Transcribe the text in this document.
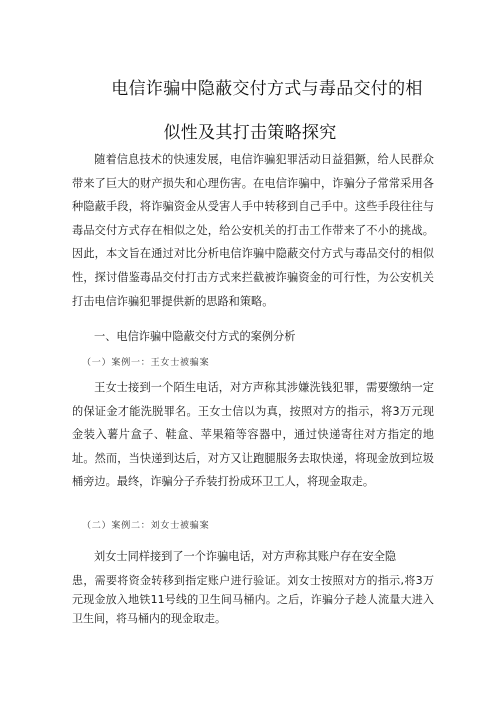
电信诈骗中隐蔽交付方式与毒品交付的相
似性及其打击策略探究
随着信息技术的快速发展，电信诈骗犯罪活动日益猖獗，给人民群众带来了巨大的财产损失和心理伤害。在电信诈骗中，诈骗分子常常采用各种隐蔽手段，将诈骗资金从受害人手中转移到自己手中。这些手段往往与毒品交付方式存在相似之处，给公安机关的打击工作带来了不小的挑战。因此，本文旨在通过对比分析电信诈骗中隐蔽交付方式与毒品交付的相似性，探讨借鉴毒品交付打击方式来拦截被诈骗资金的可行性，为公安机关打击电信诈骗犯罪提供新的思路和策略。
一、电信诈骗中隐蔽交付方式的案例分析
（一）案例一：王女士被骗案
王女士接到一个陌生电话，对方声称其涉嫌洗钱犯罪，需要缴纳一定的保证金才能洗脱罪名。王女士信以为真，按照对方的指示，将3万元现金装入薯片盒子、鞋盒、苹果箱等容器中，通过快递寄往对方指定的地址。然而，当快递到达后，对方又让跑腿服务去取快递，将现金放到垃圾桶旁边。最终，诈骗分子乔装打扮成环卫工人，将现金取走。
（二）案例二：刘女士被骗案
刘女士同样接到了一个诈骗电话，对方声称其账户存在安全隐
患，需要将资金转移到指定账户进行验证。刘女士按照对方的指示,将3万元现金放入地铁11号线的卫生间马桶内。之后，诈骗分子趁人流量大进入卫生间，将马桶内的现金取走。
